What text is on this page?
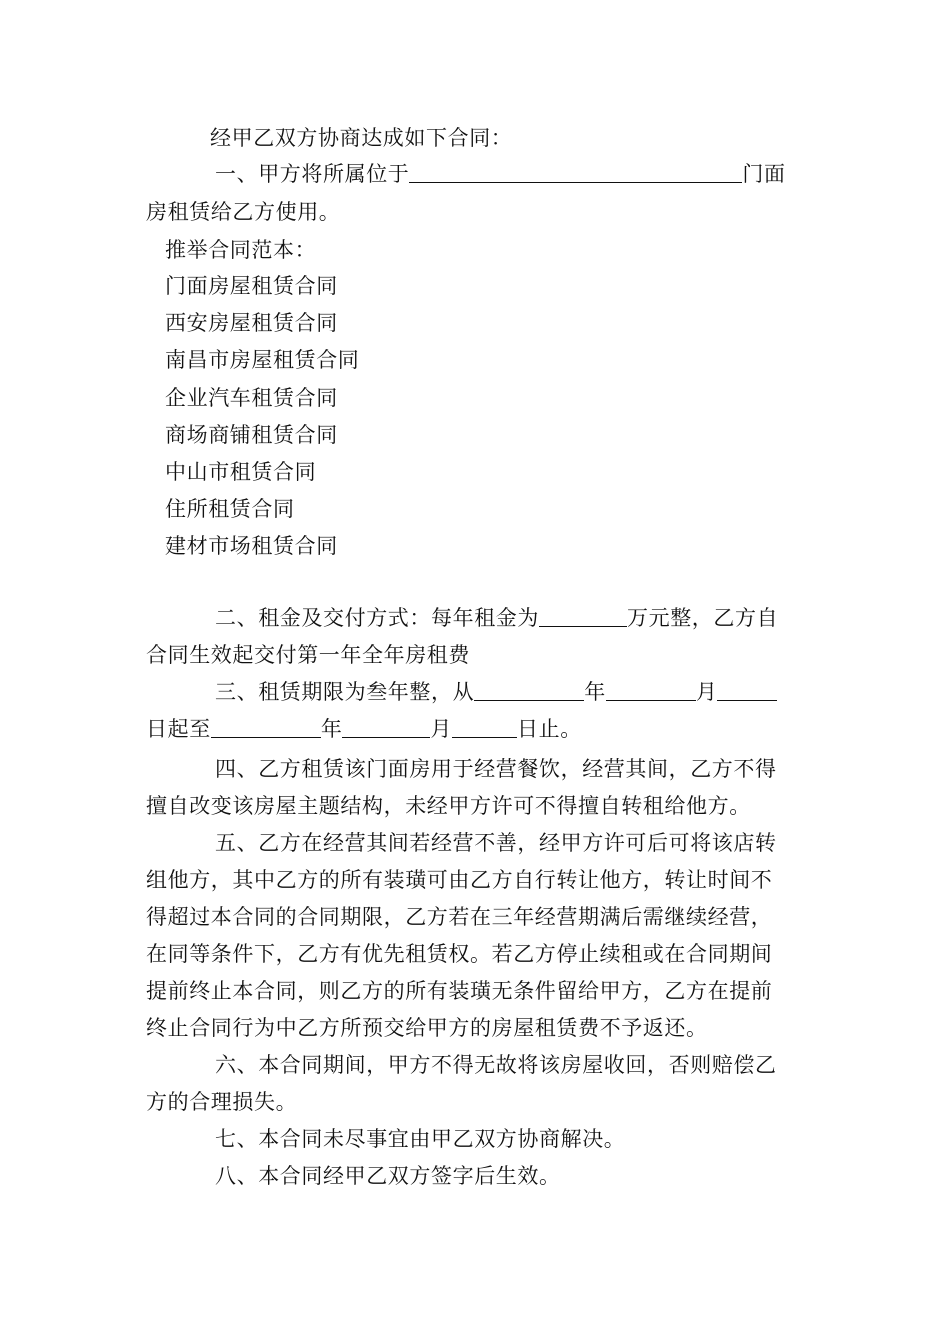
经甲乙双方协商达成如下合同：
一、甲方将所属位于	门面
房租赁给乙方使用。
推举合同范本：
门面房屋租赁合同
西安房屋租赁合同
南昌市房屋租赁合同
企业汽车租赁合同
商场商铺租赁合同
中山市租赁合同
住所租赁合同
建材市场租赁合同
二、租金及交付方式：每年租金为	万元整，乙方自
合同生效起交付第一年全年房租费
三、租赁期限为叁年整，从	年	月
日起至	年	月	日止。
四、乙方租赁该门面房用于经营餐饮，经营其间，乙方不得
擅自改变该房屋主题结构，未经甲方许可不得擅自转租给他方。
五、乙方在经营其间若经营不善，经甲方许可后可将该店转
组他方，其中乙方的所有装璜可由乙方自行转让他方，转让时间不
得超过本合同的合同期限，乙方若在三年经营期满后需继续经营，
在同等条件下，乙方有优先租赁权。若乙方停止续租或在合同期间
提前终止本合同，则乙方的所有装璜无条件留给甲方，乙方在提前
终止合同行为中乙方所预交给甲方的房屋租赁费不予返还。
六、本合同期间，甲方不得无故将该房屋收回，否则赔偿乙
方的合理损失。
七、本合同未尽事宜由甲乙双方协商解决。
八、本合同经甲乙双方签字后生效。
